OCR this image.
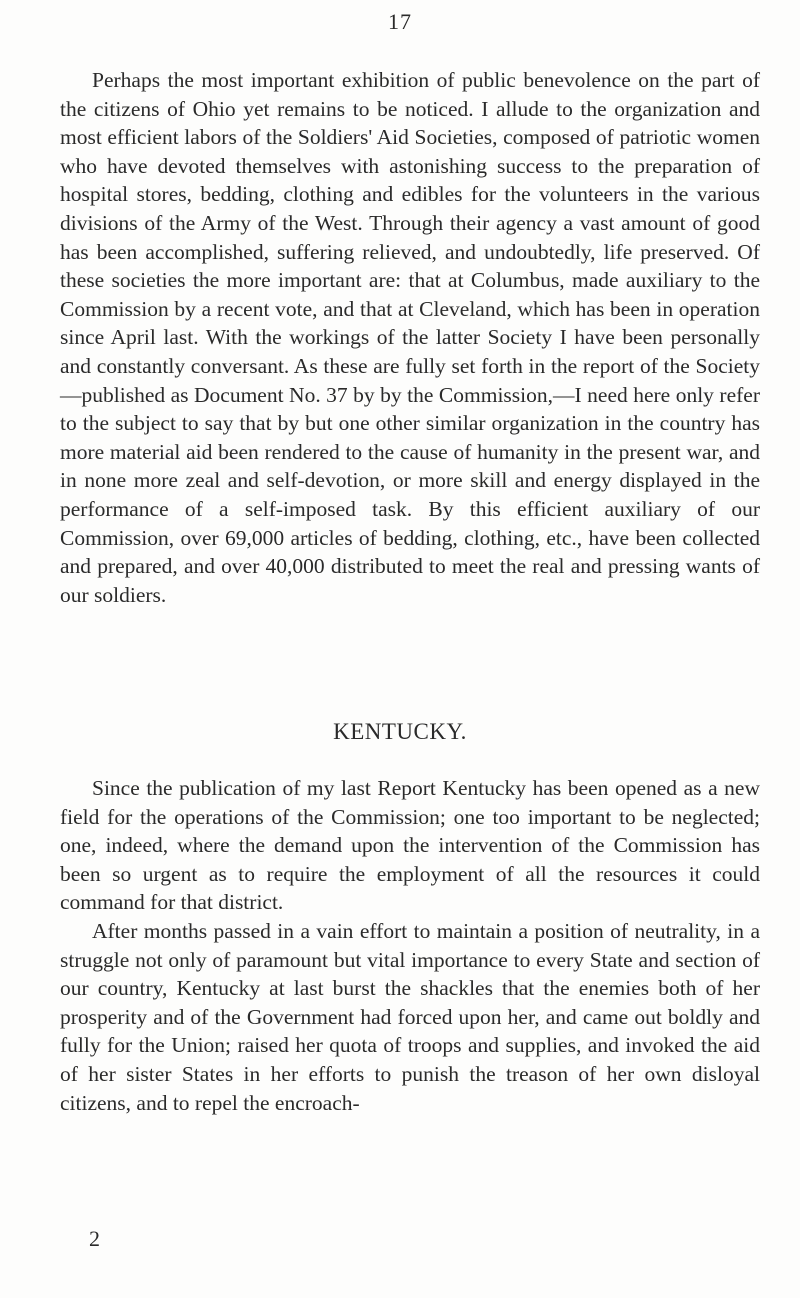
17

Perhaps the most important exhibition of public benevolence on the part of the citizens of Ohio yet remains to be noticed. I allude to the organization and most efficient labors of the Soldiers' Aid Societies, composed of patriotic women who have devoted themselves with astonishing success to the preparation of hospital stores, bedding, clothing and edibles for the volunteers in the various divisions of the Army of the West. Through their agency a vast amount of good has been accomplished, suffering relieved, and undoubtedly, life preserved. Of these societies the more important are: that at Columbus, made auxiliary to the Commission by a recent vote, and that at Cleveland, which has been in operation since April last. With the workings of the latter Society I have been personally and constantly conversant. As these are fully set forth in the report of the Society—published as Document No. 37 by by the Commission,—I need here only refer to the subject to say that by but one other similar organization in the country has more material aid been rendered to the cause of humanity in the present war, and in none more zeal and self-devotion, or more skill and energy displayed in the performance of a self-imposed task. By this efficient auxiliary of our Commission, over 69,000 articles of bedding, clothing, etc., have been collected and prepared, and over 40,000 distributed to meet the real and pressing wants of our soldiers.

KENTUCKY.

Since the publication of my last Report Kentucky has been opened as a new field for the operations of the Commission; one too important to be neglected; one, indeed, where the demand upon the intervention of the Commission has been so urgent as to require the employment of all the resources it could command for that district.

After months passed in a vain effort to maintain a position of neutrality, in a struggle not only of paramount but vital importance to every State and section of our country, Kentucky at last burst the shackles that the enemies both of her prosperity and of the Government had forced upon her, and came out boldly and fully for the Union; raised her quota of troops and supplies, and invoked the aid of her sister States in her efforts to punish the treason of her own disloyal citizens, and to repel the encroach-

2
